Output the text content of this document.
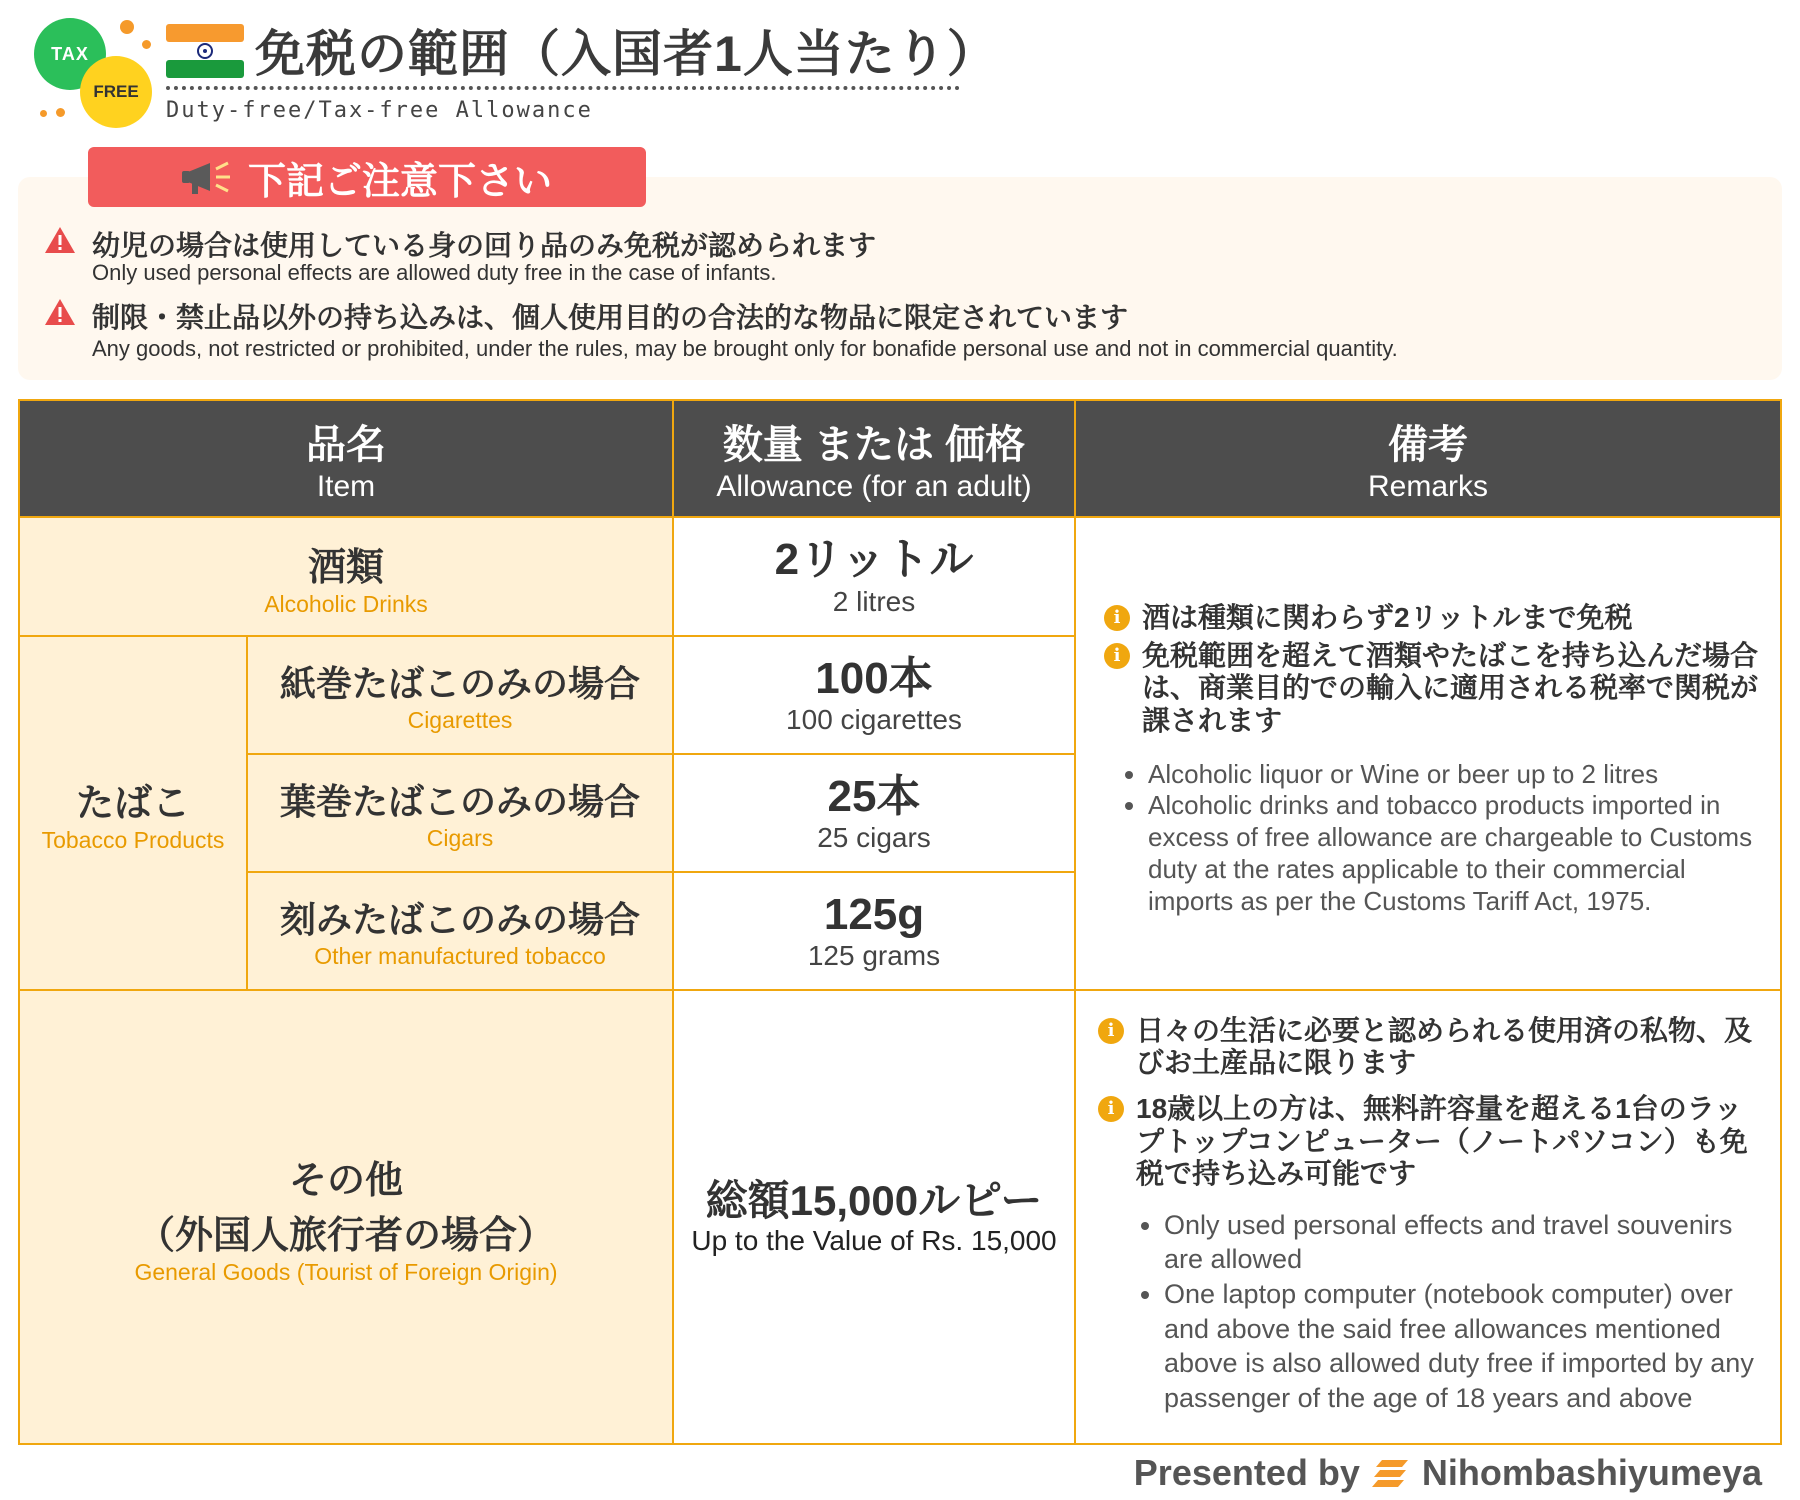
TAX
FREE
免税の範囲（入国者1人当たり）
Duty-free/Tax-free Allowance
下記ご注意下さい
幼児の場合は使用している身の回り品のみ免税が認められます
Only used personal effects are allowed duty free in the case of infants.
制限・禁止品以外の持ち込みは、個人使用目的の合法的な物品に限定されています
Any goods, not restricted or prohibited, under the rules, may be brought only for bonafide personal use and not in commercial quantity.
品名
Item
数量 または 価格
Allowance (for an adult)
備考
Remarks
酒類
Alcoholic Drinks
2リットル
2 litres
たばこ
Tobacco Products
紙巻たばこのみの場合
Cigarettes
100本
100 cigarettes
葉巻たばこのみの場合
Cigars
25本
25 cigars
刻みたばこのみの場合
Other manufactured tobacco
125g
125 grams
i 酒は種類に関わらず2リットルまで免税
i 免税範囲を超えて酒類やたばこを持ち込んだ場合は、商業目的での輸入に適用される税率で関税が課されます
• Alcoholic liquor or Wine or beer up to 2 litres
• Alcoholic drinks and tobacco products imported in excess of free allowance are chargeable to Customs duty at the rates applicable to their commercial imports as per the Customs Tariff Act, 1975.
その他
（外国人旅行者の場合）
General Goods (Tourist of Foreign Origin)
総額15,000ルピー
Up to the Value of Rs. 15,000
i 日々の生活に必要と認められる使用済の私物、及びお土産品に限ります
i 18歳以上の方は、無料許容量を超える1台のラップトップコンピューター（ノートパソコン）も免税で持ち込み可能です
• Only used personal effects and travel souvenirs are allowed
• One laptop computer (notebook computer) over and above the said free allowances mentioned above is also allowed duty free if imported by any passenger of the age of 18 years and above
Presented by Nihombashiyumeya
